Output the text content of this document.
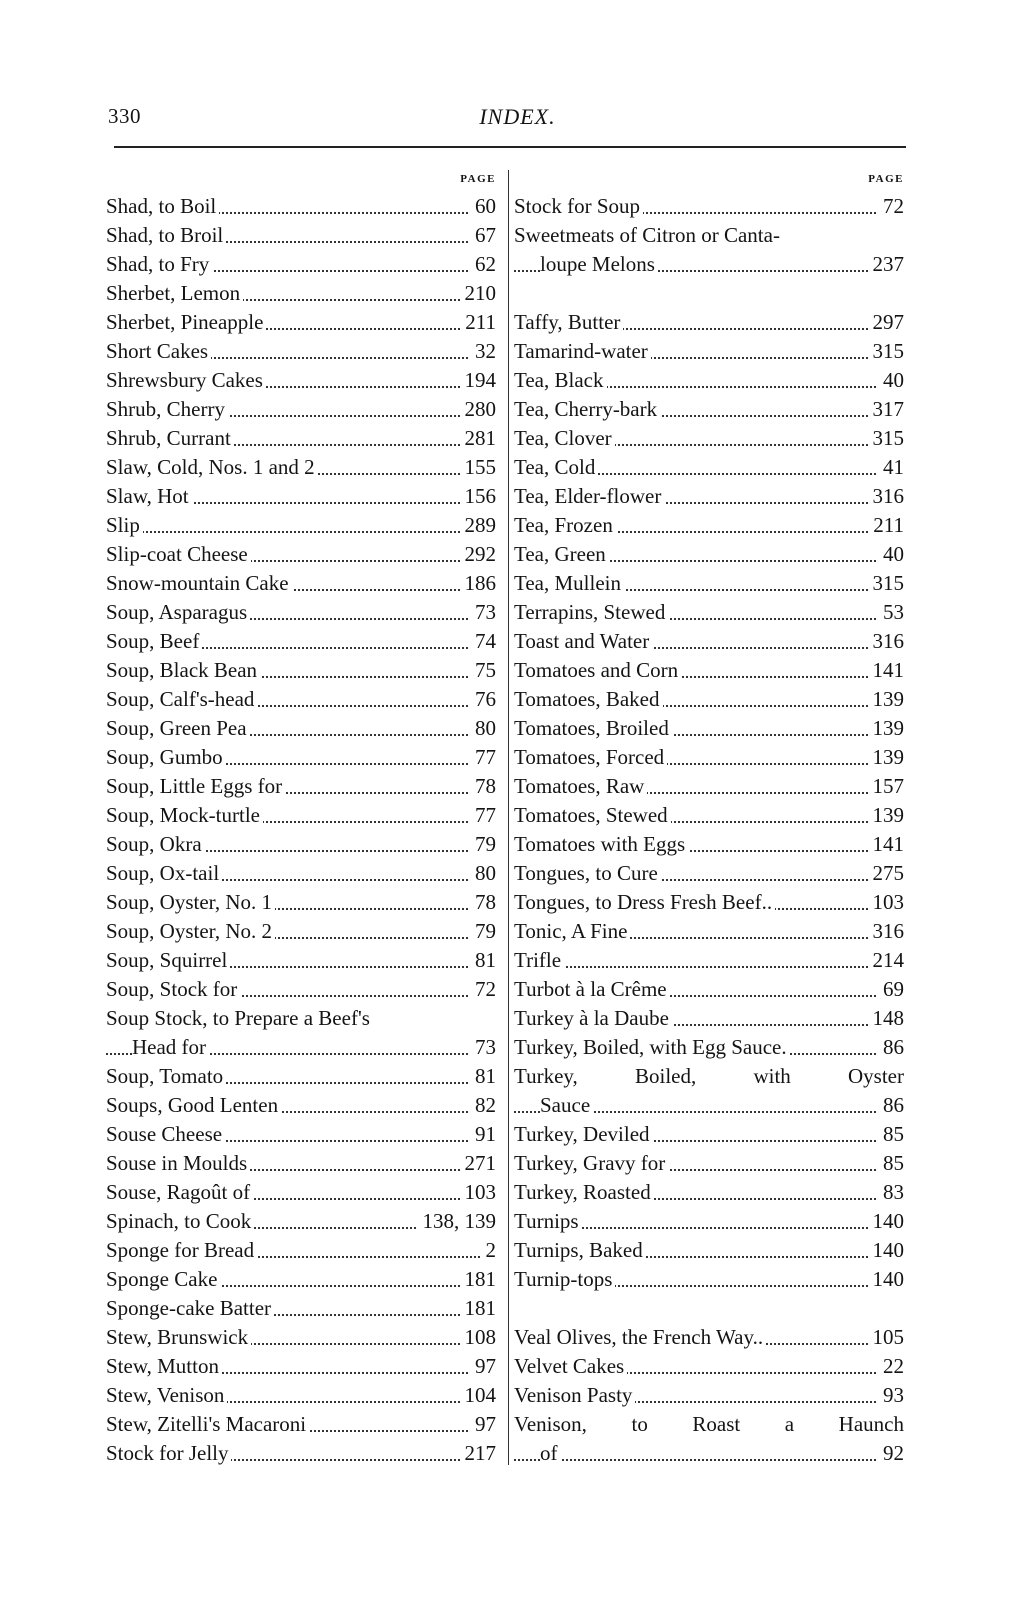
330	INDEX.
PAGE
Shad, to Boil	60
Shad, to Broil	67
Shad, to Fry	62
Sherbet, Lemon	210
Sherbet, Pineapple	211
Short Cakes	32
Shrewsbury Cakes	194
Shrub, Cherry	280
Shrub, Currant	281
Slaw, Cold, Nos. 1 and 2	155
Slaw, Hot	156
Slip	289
Slip-coat Cheese	292
Snow-mountain Cake	186
Soup, Asparagus	73
Soup, Beef	74
Soup, Black Bean	75
Soup, Calf's-head	76
Soup, Green Pea	80
Soup, Gumbo	77
Soup, Little Eggs for	78
Soup, Mock-turtle	77
Soup, Okra	79
Soup, Ox-tail	80
Soup, Oyster, No. 1	78
Soup, Oyster, No. 2	79
Soup, Squirrel	81
Soup, Stock for	72
Soup Stock, to Prepare a Beef's
Head for	73
Soup, Tomato	81
Soups, Good Lenten	82
Souse Cheese	91
Souse in Moulds	271
Souse, Ragoût of	103
Spinach, to Cook	138, 139
Sponge for Bread	2
Sponge Cake	181
Sponge-cake Batter	181
Stew, Brunswick	108
Stew, Mutton	97
Stew, Venison	104
Stew, Zitelli's Macaroni	97
Stock for Jelly	217
PAGE
Stock for Soup	72
Sweetmeats of Citron or Canta-
loupe Melons	237
Taffy, Butter	297
Tamarind-water	315
Tea, Black	40
Tea, Cherry-bark	317
Tea, Clover	315
Tea, Cold	41
Tea, Elder-flower	316
Tea, Frozen	211
Tea, Green	40
Tea, Mullein	315
Terrapins, Stewed	53
Toast and Water	316
Tomatoes and Corn	141
Tomatoes, Baked	139
Tomatoes, Broiled	139
Tomatoes, Forced	139
Tomatoes, Raw	157
Tomatoes, Stewed	139
Tomatoes with Eggs	141
Tongues, to Cure	275
Tongues, to Dress Fresh Beef..	103
Tonic, A Fine	316
Trifle	214
Turbot à la Crême	69
Turkey à la Daube	148
Turkey, Boiled, with Egg Sauce.	86
Turkey, Boiled, with Oyster
Sauce	86
Turkey, Deviled	85
Turkey, Gravy for	85
Turkey, Roasted	83
Turnips	140
Turnips, Baked	140
Turnip-tops	140
Veal Olives, the French Way..	105
Velvet Cakes	22
Venison Pasty	93
Venison, to Roast a Haunch
of	92
